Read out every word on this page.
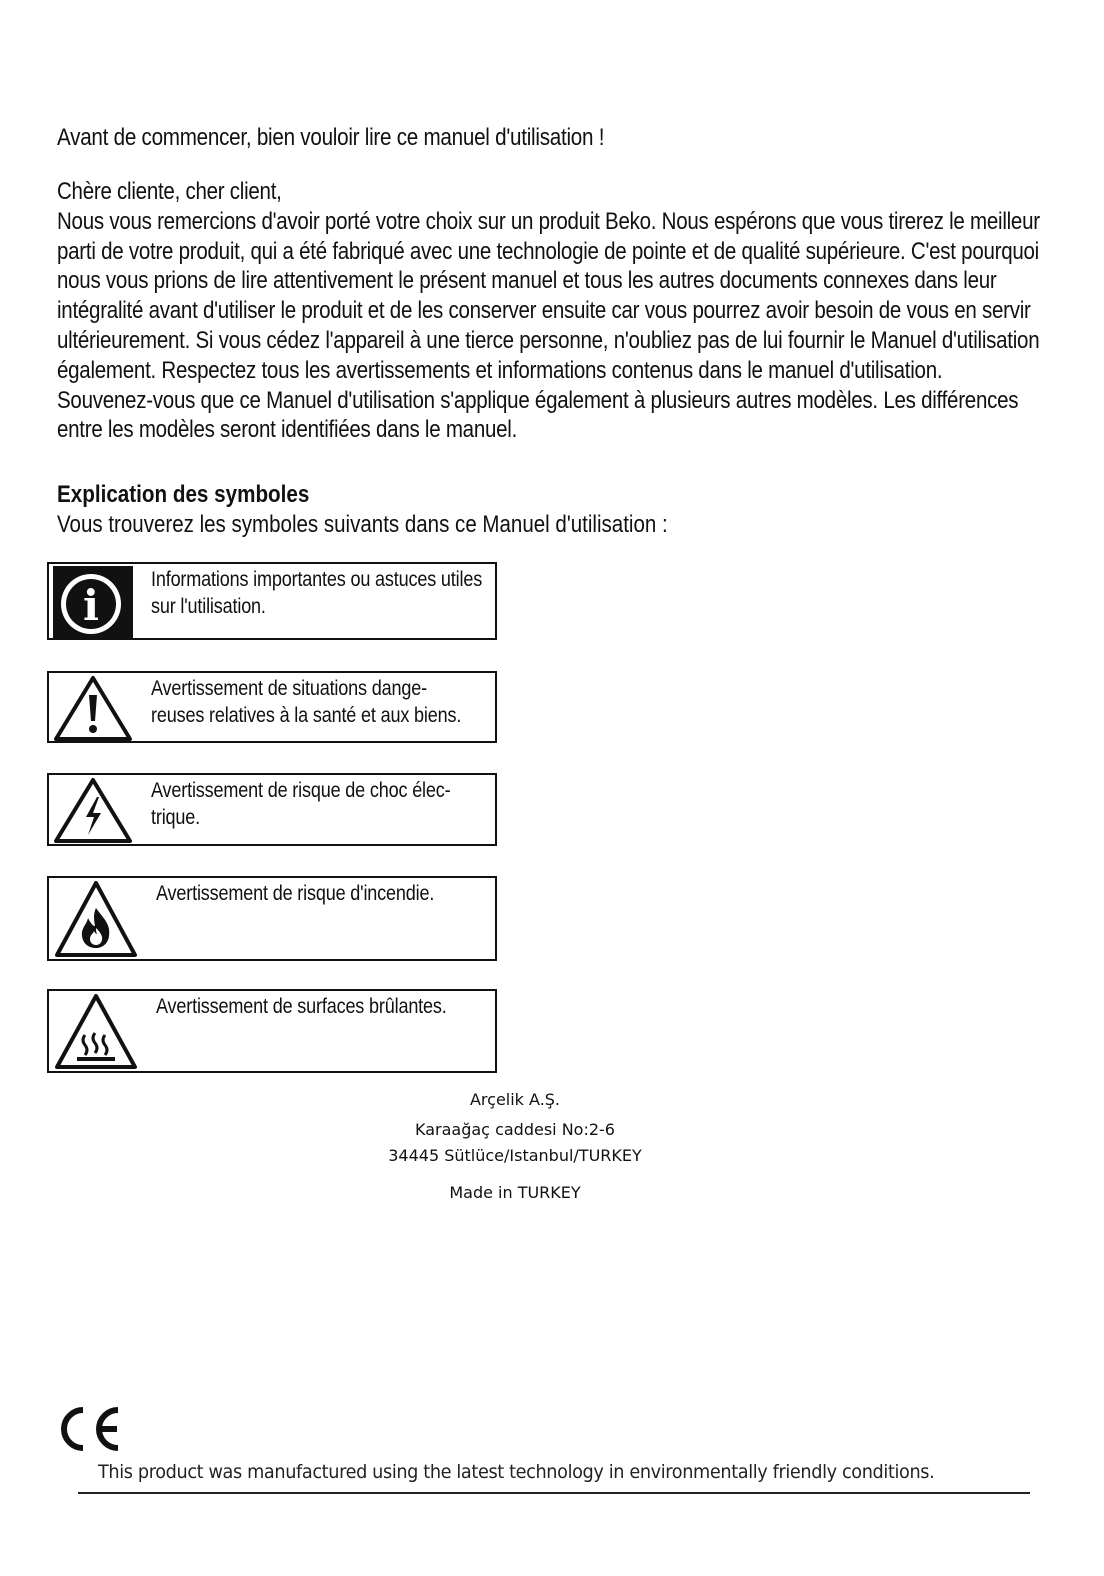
Avant de commencer, bien vouloir lire ce manuel d'utilisation !

Chère cliente, cher client,

Nous vous remercions d'avoir porté votre choix sur un produit Beko. Nous espérons que vous tirerez le meilleur parti de votre produit, qui a été fabriqué avec une technologie de pointe et de qualité supérieure. C'est pourquoi nous vous prions de lire attentivement le présent manuel et tous les autres documents connexes dans leur intégralité avant d'utiliser le produit et de les conserver ensuite car vous pourrez avoir besoin de vous en servir ultérieurement. Si vous cédez l'appareil à une tierce personne, n'oubliez pas de lui fournir le Manuel d'utilisation également. Respectez tous les avertissements et informations contenus dans le manuel d'utilisation.

Souvenez-vous que ce Manuel d'utilisation s'applique également à plusieurs autres modèles. Les différences entre les modèles seront identifiées dans le manuel.

Explication des symboles
Vous trouverez les symboles suivants dans ce Manuel d'utilisation :
i
Informations importantes ou astuces utiles sur l'utilisation.
Avertissement de situations dange-reuses relatives à la santé et aux biens.
Avertissement de risque de choc élec-trique.
Avertissement de risque d'incendie.
Avertissement de surfaces brûlantes.
Arçelik A.Ş.
Karaağaç caddesi No:2-6
34445 Sütlüce/Istanbul/TURKEY
Made in TURKEY
This product was manufactured using the latest technology in environmentally friendly conditions.
